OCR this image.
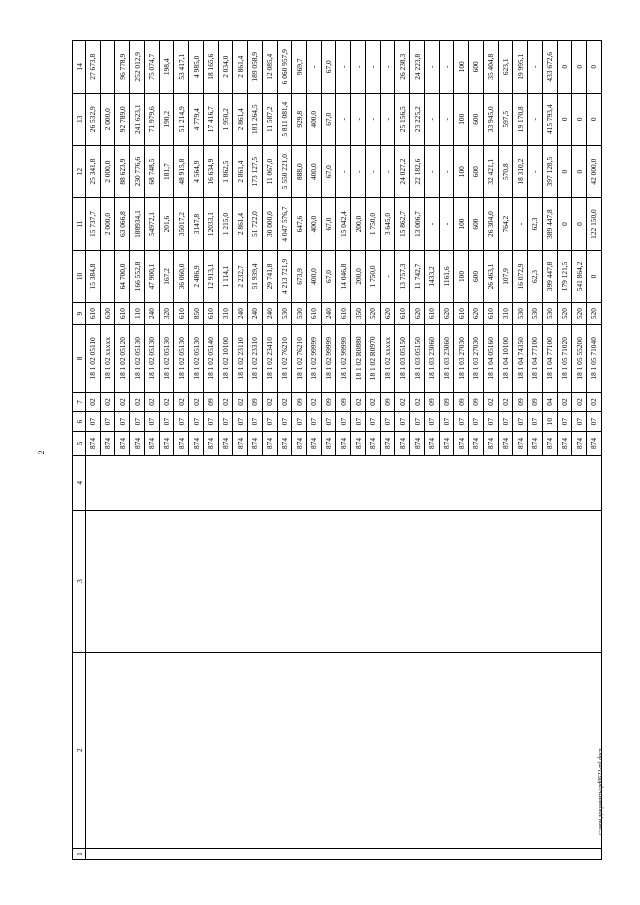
2
1	2	3	4	5	6	7	8	9	10	11	12	13	14
				874	07	02	18 1 02 05110	610	15 384,8	15 737,7	25 341,8	26 532,9	27 673,8
				874	07	02	18 1 02 xxxxx	630		2 000,0	2 000,0	2 000,0	
				874	07	02	18 1 02 05120	610	64 700,0	63 066,8	88 623,9	92 789,0	96 778,9
				874	07	02	18 1 02 05130	110	166 552,8	188934,1	230 776,6	241 623,1	252 012,9
				874	07	02	18 1 02 05130	240	47 900,1	54972,1	68 748,5	71 979,6	75 074,7
				874	07	02	18 1 02 05130	320	167,2	201,6	181,7	190,2	198,4
				874	07	02	18 1 02 05130	610	36 060,0	35017,2	48 915,8	51 214,9	53 417,1
				874	07	02	18 1 02 05130	850	2 486,9	3147,8	4 564,9	4 779,4	4 985,0
				874	07	09	18 1 02 05140	610	12 913,1	12033,1	16 634,9	17 416,7	18 165,6
				874	07	02	18 1 02 10100	310	1 114,1	1 215,0	1 862,5	1 950,2	2 034,0
				874	07	02	18 1 02 23110	240	2 232,7	2 861,4	2 861,4	2 861,4	2 861,4
				874	07	09	18 1 02 23310	240	51 939,4	51 722,0	173 127,5	181 264,5	189 058,9
				874	07	02	18 1 02 23410	240	29 741,8	30 000,0	11 067,0	11 587,2	12 085,4
				874	07	02	18 1 02 76210	530	4 213 721,9	4 047 576,7	5 550 221,0	5 811 081,4	6 060 957,9
				874	07	09	18 1 02 76210	530	673,9	647,6	888,0	929,8	969,7
				874	07	02	18 1 02 99999	610	400,0	400,0	400,0	400,0	-
				874	07	09	18 1 02 99999	240	67,0	67,0	67,0	67,0	67,0
				874	07	09	18 1 02 99999	610	14 046,8	15 042,4	-	-	-
				874	07	02	18 1 02 R0880	350	200,0	200,0	-	-	-
				874	07	02	18 1 02 R0970	520	1 750,0	1 750,0	-	-	-
				874	07	09	18 1 02 xxxxx	620	-	3 645,0	-	-	-
				874	07	02	18 1 03 05150	610	13 757,3	15 862,7	24 027,2	25 156,5	26 238,3
				874	07	02	18 1 03 05150	620	11 742,7	13 006,7	22 182,6	23 225,2	24 223,8
				874	07	09	18 1 03 23060	610	1433,2	-	-	-	-
				874	07	09	18 1 03 23060	620	1161,6	-	-	-	-
				874	07	09	18 1 03 27030	610	100	100	100	100	100
				874	07	09	18 1 03 27030	620	600	600	600	600	600
				874	07	02	18 1 04 05160	610	26 463,1	26 304,0	32 421,1	33 945,0	35 404,8
				874	07	02	18 1 04 10100	310	107,9	764,2	570,8	597,5	623,1
				874	07	09	18 1 04 74350	530	16 072,9	-	18 310,2	19 170,8	19 995,1
				874	07	09	18 1 04 77100	530	62,3	62,3	-	-	-
				874	10	04	18 1 04 77100	530	399 447,8	389 447,8	397 128,5	415 793,4	433 672,6
				874	07	02	18 1 05 71020	520	179 121,5	0	0	0	0
				874	07	02	18 1 05 55200	520	541 864,2	0	0	0	0
				874	07	02	18 1 05 71040	520	0	122 150,0	42 000,0	0	0
c:\мои документы\pd0622-ml.docx
